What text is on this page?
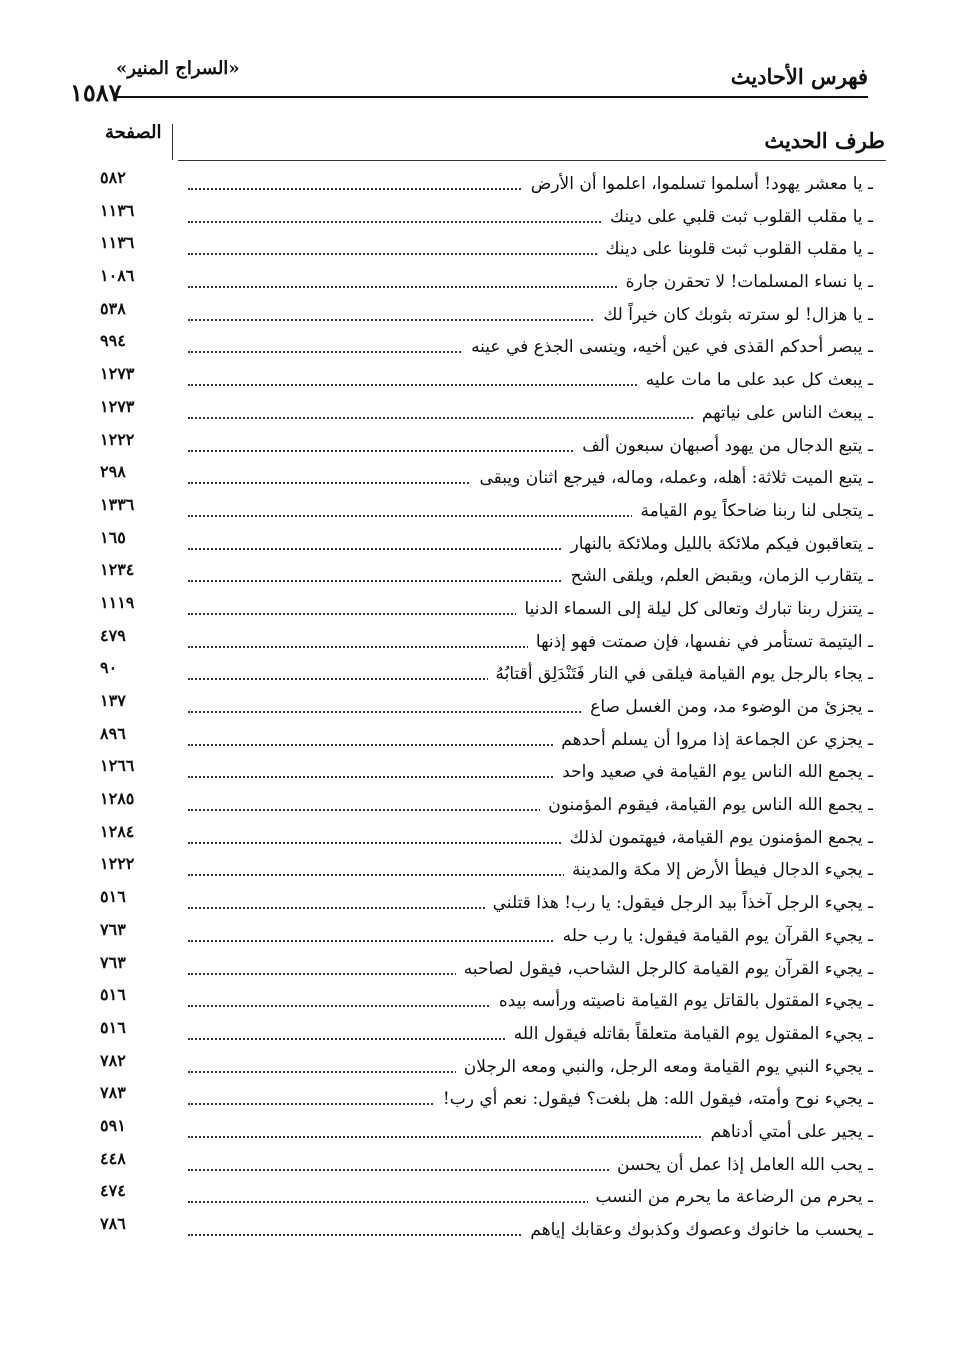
فهرس الأحاديث
«السراج المنير»
١٥٨٧
طرف الحديث
الصفحة
ـ يا معشر يهود! أسلموا تسلموا، اعلموا أن الأرض
٥٨٢
ـ يا مقلب القلوب ثبت قلبي على دينك
١١٣٦
ـ يا مقلب القلوب ثبت قلوبنا على دينك
١١٣٦
ـ يا نساء المسلمات! لا تحقرن جارة
١٠٨٦
ـ يا هزال! لو سترته بثوبك كان خيراً لك
٥٣٨
ـ يبصر أحدكم القذى في عين أخيه، وينسى الجذع في عينه
٩٩٤
ـ يبعث كل عبد على ما مات عليه
١٢٧٣
ـ يبعث الناس على نياتهم
١٢٧٣
ـ يتبع الدجال من يهود أصبهان سبعون ألف
١٢٢٢
ـ يتبع الميت ثلاثة: أهله، وعمله، وماله، فيرجع اثنان ويبقى
٢٩٨
ـ يتجلى لنا ربنا ضاحكاً يوم القيامة
١٣٣٦
ـ يتعاقبون فيكم ملائكة بالليل وملائكة بالنهار
١٦٥
ـ يتقارب الزمان، ويقبض العلم، ويلقى الشح
١٢٣٤
ـ يتنزل ربنا تبارك وتعالى كل ليلة إلى السماء الدنيا
١١١٩
ـ اليتيمة تستأمر في نفسها، فإن صمتت فهو إذنها
٤٧٩
ـ يجاء بالرجل يوم القيامة فيلقى في النار فَتَنْدَلِق أقتابُهُ
٩٠
ـ يجزئ من الوضوء مد، ومن الغسل صاع
١٣٧
ـ يجزي عن الجماعة إذا مروا أن يسلم أحدهم
٨٩٦
ـ يجمع الله الناس يوم القيامة في صعيد واحد
١٢٦٦
ـ يجمع الله الناس يوم القيامة، فيقوم المؤمنون
١٢٨٥
ـ يجمع المؤمنون يوم القيامة، فيهتمون لذلك
١٢٨٤
ـ يجيء الدجال فيطأ الأرض إلا مكة والمدينة
١٢٢٢
ـ يجيء الرجل آخذاً بيد الرجل فيقول: يا رب! هذا قتلني
٥١٦
ـ يجيء القرآن يوم القيامة فيقول: يا رب حله
٧٦٣
ـ يجيء القرآن يوم القيامة كالرجل الشاحب، فيقول لصاحبه
٧٦٣
ـ يجيء المقتول بالقاتل يوم القيامة ناصيته ورأسه بيده
٥١٦
ـ يجيء المقتول يوم القيامة متعلقاً بقاتله فيقول الله
٥١٦
ـ يجيء النبي يوم القيامة ومعه الرجل، والنبي ومعه الرجلان
٧٨٢
ـ يجيء نوح وأمته، فيقول الله: هل بلغت؟ فيقول: نعم أي رب!
٧٨٣
ـ يجير على أمتي أدناهم
٥٩١
ـ يحب الله العامل إذا عمل أن يحسن
٤٤٨
ـ يحرم من الرضاعة ما يحرم من النسب
٤٧٤
ـ يحسب ما خانوك وعصوك وكذبوك وعقابك إياهم
٧٨٦
